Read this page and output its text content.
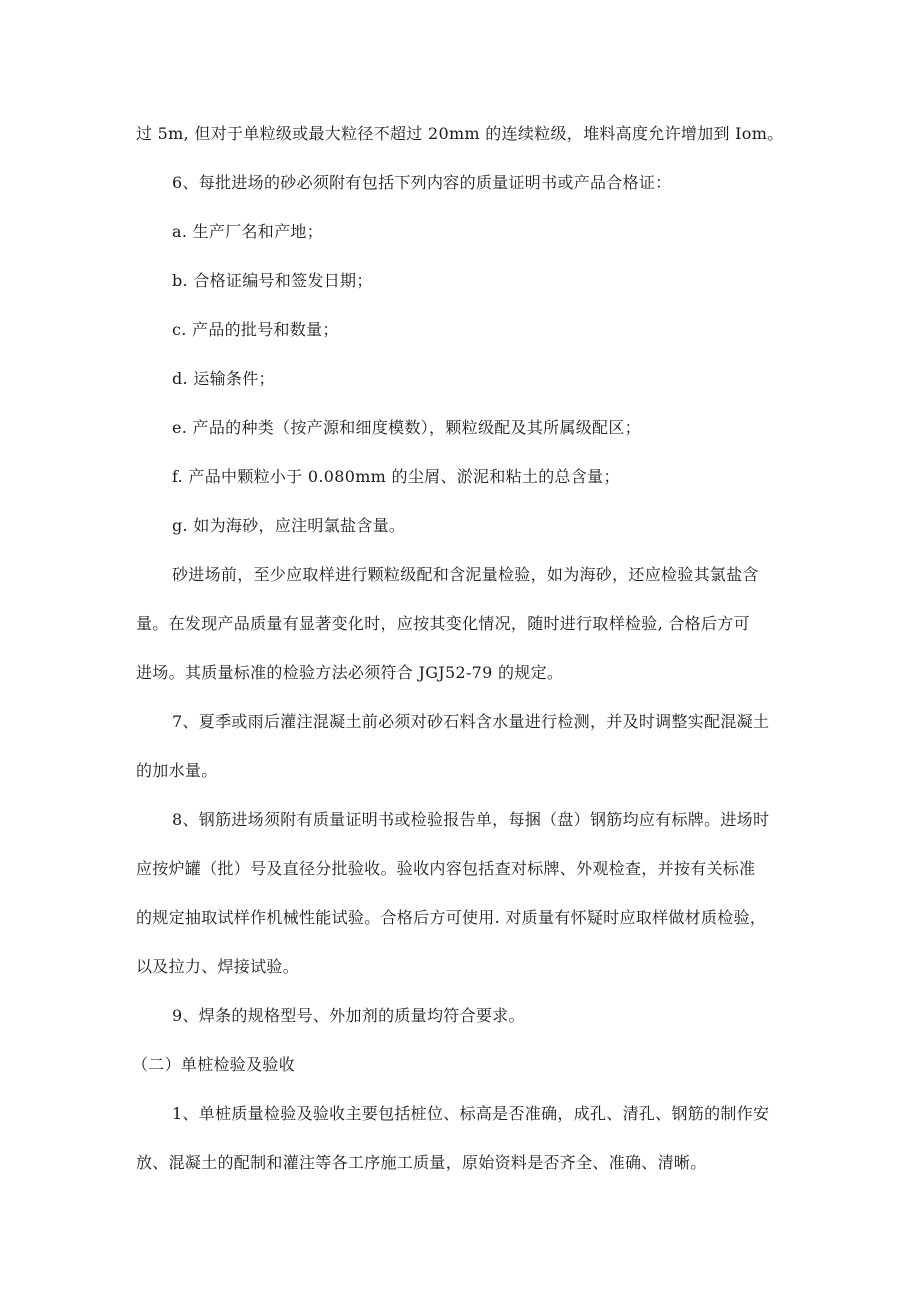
过 5m, 但对于单粒级或最大粒径不超过 20mm 的连续粒级，堆料高度允许增加到 Iom。
6、每批进场的砂必须附有包括下列内容的质量证明书或产品合格证：
a. 生产厂名和产地；
b. 合格证编号和签发日期；
c. 产品的批号和数量；
d. 运输条件；
e. 产品的种类（按产源和细度模数），颗粒级配及其所属级配区；
f. 产品中颗粒小于 0.080mm 的尘屑、淤泥和粘土的总含量；
g. 如为海砂，应注明氯盐含量。
砂进场前，至少应取样进行颗粒级配和含泥量检验，如为海砂，还应检验其氯盐含
量。在发现产品质量有显著变化时，应按其变化情况，随时进行取样检验, 合格后方可
进场。其质量标准的检验方法必须符合 JGJ52-79 的规定。
7、夏季或雨后灌注混凝土前必须对砂石料含水量进行检测，并及时调整实配混凝土
的加水量。
8、钢筋进场须附有质量证明书或检验报告单，每捆（盘）钢筋均应有标牌。进场时
应按炉罐（批）号及直径分批验收。验收内容包括查对标牌、外观检查，并按有关标准
的规定抽取试样作机械性能试验。合格后方可使用. 对质量有怀疑时应取样做材质检验，
以及拉力、焊接试验。
9、焊条的规格型号、外加剂的质量均符合要求。
（二）单桩检验及验收
1、单桩质量检验及验收主要包括桩位、标高是否准确，成孔、清孔、钢筋的制作安
放、混凝土的配制和灌注等各工序施工质量，原始资料是否齐全、准确、清晰。
